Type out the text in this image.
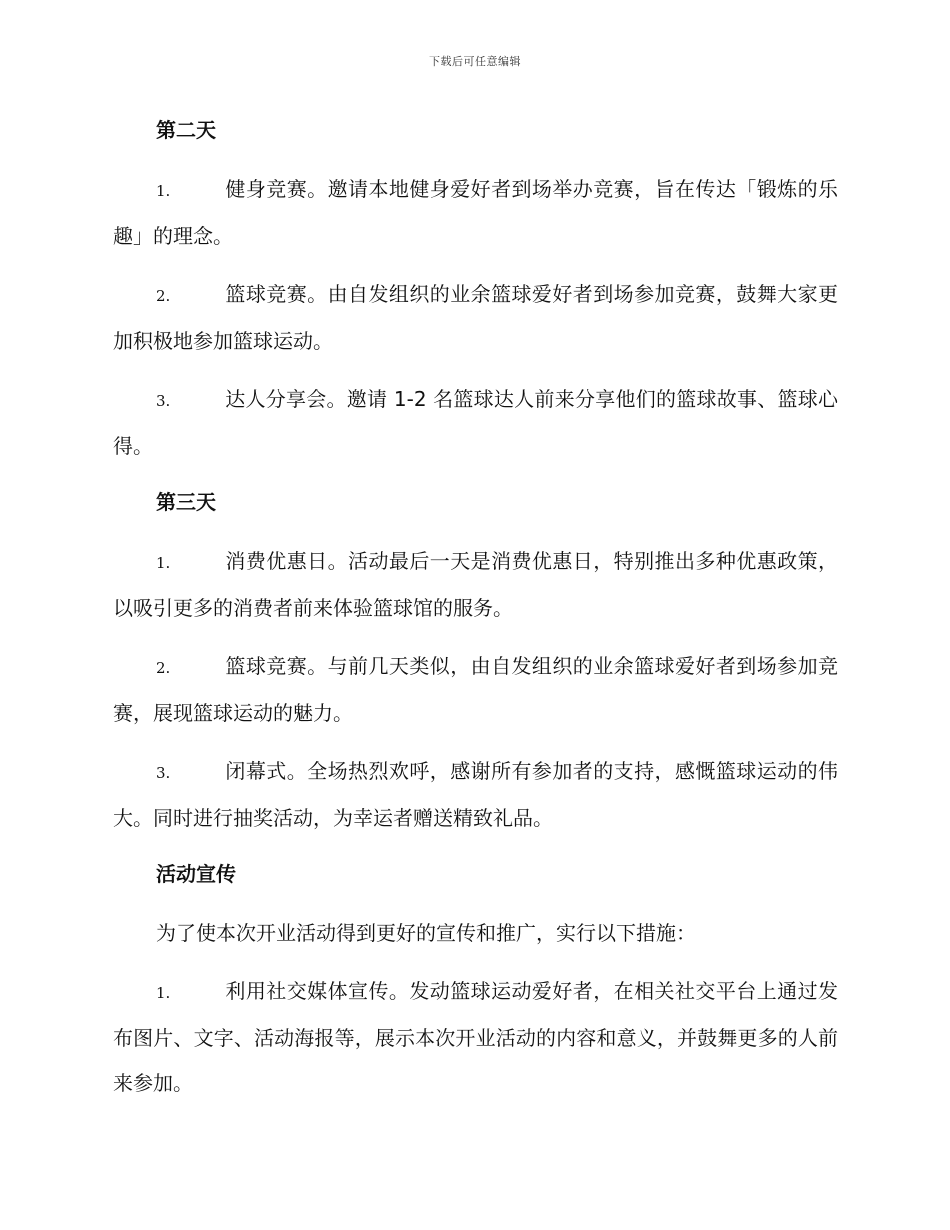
下载后可任意编辑
第二天
1.	健身竞赛。邀请本地健身爱好者到场举办竞赛，旨在传达「锻炼的乐趣」的理念。
2.	篮球竞赛。由自发组织的业余篮球爱好者到场参加竞赛，鼓舞大家更加积极地参加篮球运动。
3.	达人分享会。邀请 1-2 名篮球达人前来分享他们的篮球故事、篮球心得。
第三天
1.	消费优惠日。活动最后一天是消费优惠日，特别推出多种优惠政策，以吸引更多的消费者前来体验篮球馆的服务。
2.	篮球竞赛。与前几天类似，由自发组织的业余篮球爱好者到场参加竞赛，展现篮球运动的魅力。
3.	闭幕式。全场热烈欢呼，感谢所有参加者的支持，感慨篮球运动的伟大。同时进行抽奖活动，为幸运者赠送精致礼品。
活动宣传
为了使本次开业活动得到更好的宣传和推广，实行以下措施：
1.	利用社交媒体宣传。发动篮球运动爱好者，在相关社交平台上通过发布图片、文字、活动海报等，展示本次开业活动的内容和意义，并鼓舞更多的人前来参加。
